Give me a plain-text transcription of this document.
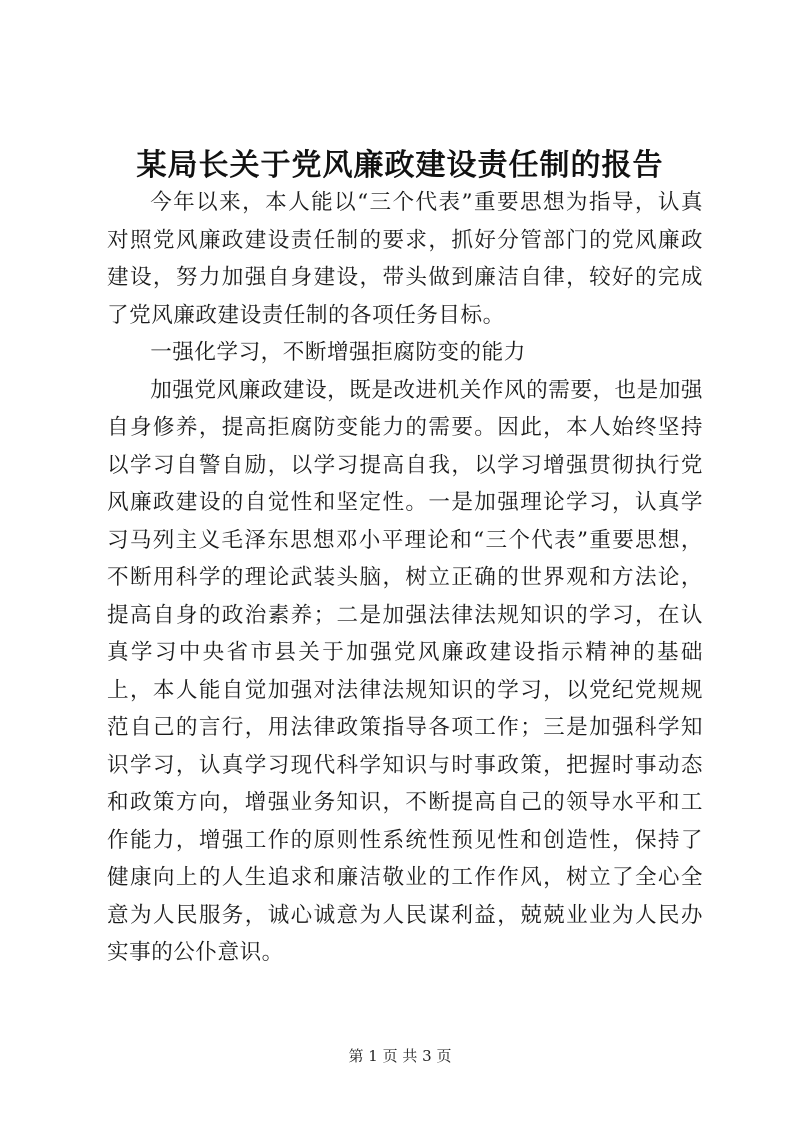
某局长关于党风廉政建设责任制的报告

今年以来，本人能以“三个代表”重要思想为指导，认真对照党风廉政建设责任制的要求，抓好分管部门的党风廉政建设，努力加强自身建设，带头做到廉洁自律，较好的完成了党风廉政建设责任制的各项任务目标。

一强化学习，不断增强拒腐防变的能力

加强党风廉政建设，既是改进机关作风的需要，也是加强自身修养，提高拒腐防变能力的需要。因此，本人始终坚持以学习自警自励，以学习提高自我，以学习增强贯彻执行党风廉政建设的自觉性和坚定性。一是加强理论学习，认真学习马列主义毛泽东思想邓小平理论和“三个代表”重要思想，不断用科学的理论武装头脑，树立正确的世界观和方法论，提高自身的政治素养；二是加强法律法规知识的学习，在认真学习中央省市县关于加强党风廉政建设指示精神的基础上，本人能自觉加强对法律法规知识的学习，以党纪党规规范自己的言行，用法律政策指导各项工作；三是加强科学知识学习，认真学习现代科学知识与时事政策，把握时事动态和政策方向，增强业务知识，不断提高自己的领导水平和工作能力，增强工作的原则性系统性预见性和创造性，保持了健康向上的人生追求和廉洁敬业的工作作风，树立了全心全意为人民服务，诚心诚意为人民谋利益，兢兢业业为人民办实事的公仆意识。

第 1 页 共 3 页
